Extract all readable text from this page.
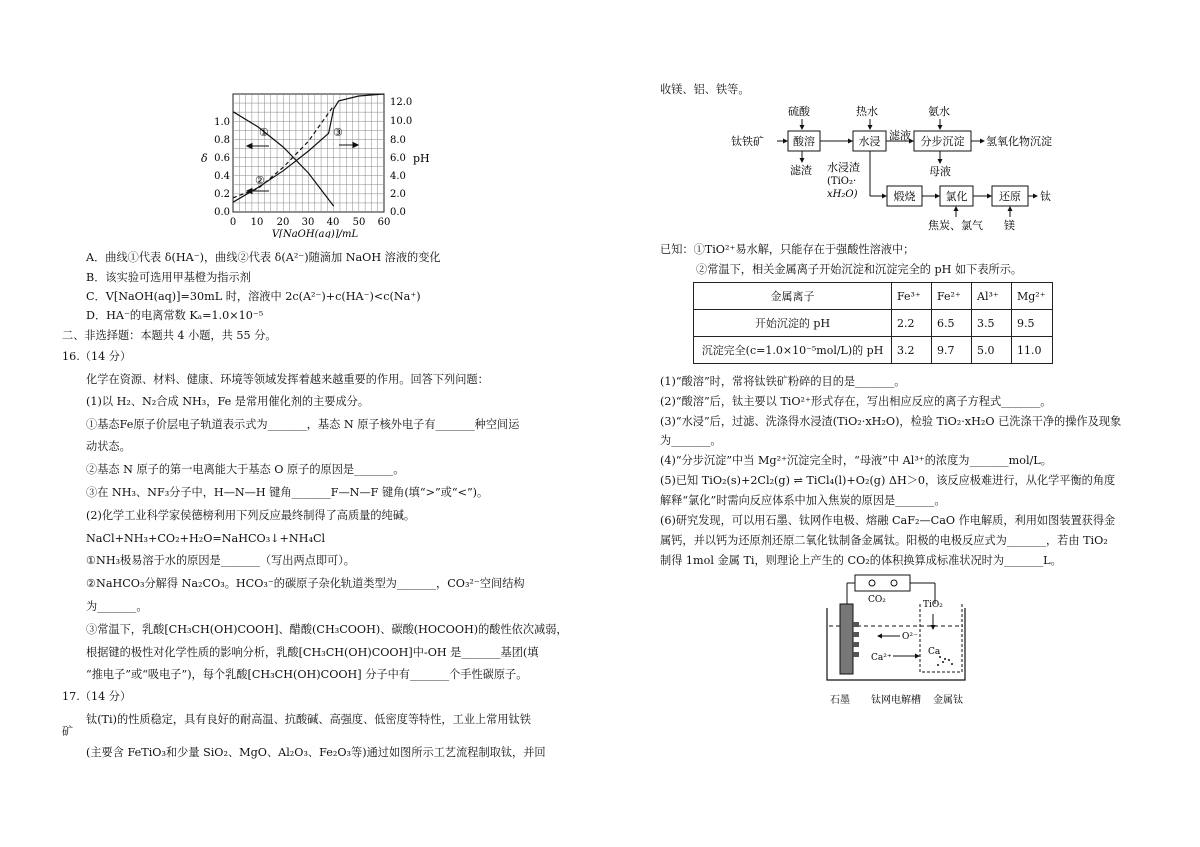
1.0
0.8
0.6
0.4
0.2
0.0
12.0
10.0
8.0
6.0
4.0
2.0
0.0
0 10 20 30 40 50 60
δ	pH
V[NaOH(aq)]/mL
①
②
③
A．曲线①代表 δ(HA⁻)，曲线②代表 δ(A²⁻)随滴加 NaOH 溶液的变化
B．该实验可选用甲基橙为指示剂
C．V[NaOH(aq)]=30mL 时，溶液中 2c(A²⁻)+c(HA⁻)<c(Na⁺)
D．HA⁻的电离常数 Kₐ=1.0×10⁻⁵
二、非选择题：本题共 4 小题，共 55 分。
16.（14 分）
化学在资源、材料、健康、环境等领域发挥着越来越重要的作用。回答下列问题：
(1)以 H₂、N₂合成 NH₃，Fe 是常用催化剂的主要成分。
①基态Fe原子价层电子轨道表示式为_______，基态 N 原子核外电子有_______种空间运
动状态。
②基态 N 原子的第一电离能大于基态 O 原子的原因是_______。
③在 NH₃、NF₃分子中，H—N—H 键角_______F—N—F 键角(填“>”或“<”)。
(2)化学工业科学家侯德榜利用下列反应最终制得了高质量的纯碱。
NaCl+NH₃+CO₂+H₂O=NaHCO₃↓+NH₄Cl
①NH₃极易溶于水的原因是_______（写出两点即可）。
②NaHCO₃分解得 Na₂CO₃。HCO₃⁻的碳原子杂化轨道类型为_______，CO₃²⁻空间结构
为_______。
③常温下，乳酸[CH₃CH(OH)COOH]、醋酸(CH₃COOH)、碳酸(HOCOOH)的酸性依次减弱，
根据键的极性对化学性质的影响分析，乳酸[CH₃CH(OH)COOH]中-OH 是_______基团(填
“推电子”或“吸电子”)，每个乳酸[CH₃CH(OH)COOH] 分子中有_______个手性碳原子。
17.（14 分）
钛(Ti)的性质稳定，具有良好的耐高温、抗酸碱、高强度、低密度等特性，工业上常用钛铁
矿
(主要含 FeTiO₃和少量 SiO₂、MgO、Al₂O₃、Fe₂O₃等)通过如图所示工艺流程制取钛，并回
收镁、铝、铁等。
钛铁矿
硫酸	热水	氨水
酸溶	水浸	分步沉淀
滤液	氢氧化物沉淀
滤渣	母液
水浸渣
(TiO₂·
xH₂O)	煅烧	氯化	还原 钛
焦炭、氯气 镁
已知：①TiO²⁺易水解，只能存在于强酸性溶液中；
②常温下，相关金属离子开始沉淀和沉淀完全的 pH 如下表所示。
金属离子	Fe³⁺	Fe²⁺	Al³⁺	Mg²⁺
开始沉淀的 pH	2.2	6.5	3.5	9.5
沉淀完全(c=1.0×10⁻⁵mol/L)的 pH	3.2	9.7	5.0	11.0
(1)“酸溶”时，常将钛铁矿粉碎的目的是_______。
(2)“酸溶”后，钛主要以 TiO²⁺形式存在，写出相应反应的离子方程式_______。
(3)“水浸”后，过滤、洗涤得水浸渣(TiO₂·xH₂O)，检验 TiO₂·xH₂O 已洗涤干净的操作及现象
为_______。
(4)“分步沉淀”中当 Mg²⁺沉淀完全时，“母液”中 Al³⁺的浓度为_______mol/L。
(5)已知 TiO₂(s)+2Cl₂(g) ⇌ TiCl₄(l)+O₂(g) ΔH＞0，该反应极难进行，从化学平衡的角度
解释“氯化”时需向反应体系中加入焦炭的原因是_______。
(6)研究发现，可以用石墨、钛网作电极、熔融 CaF₂—CaO 作电解质，利用如图装置获得金
属钙，并以钙为还原剂还原二氧化钛制备金属钛。阳极的电极反应式为_______，若由 TiO₂
制得 1mol 金属 Ti，则理论上产生的 CO₂的体积换算成标准状况时为_______L。
CO₂	TiO₂
O²⁻
Ca²⁺
Ca
石墨 钛网电解槽 金属钛
